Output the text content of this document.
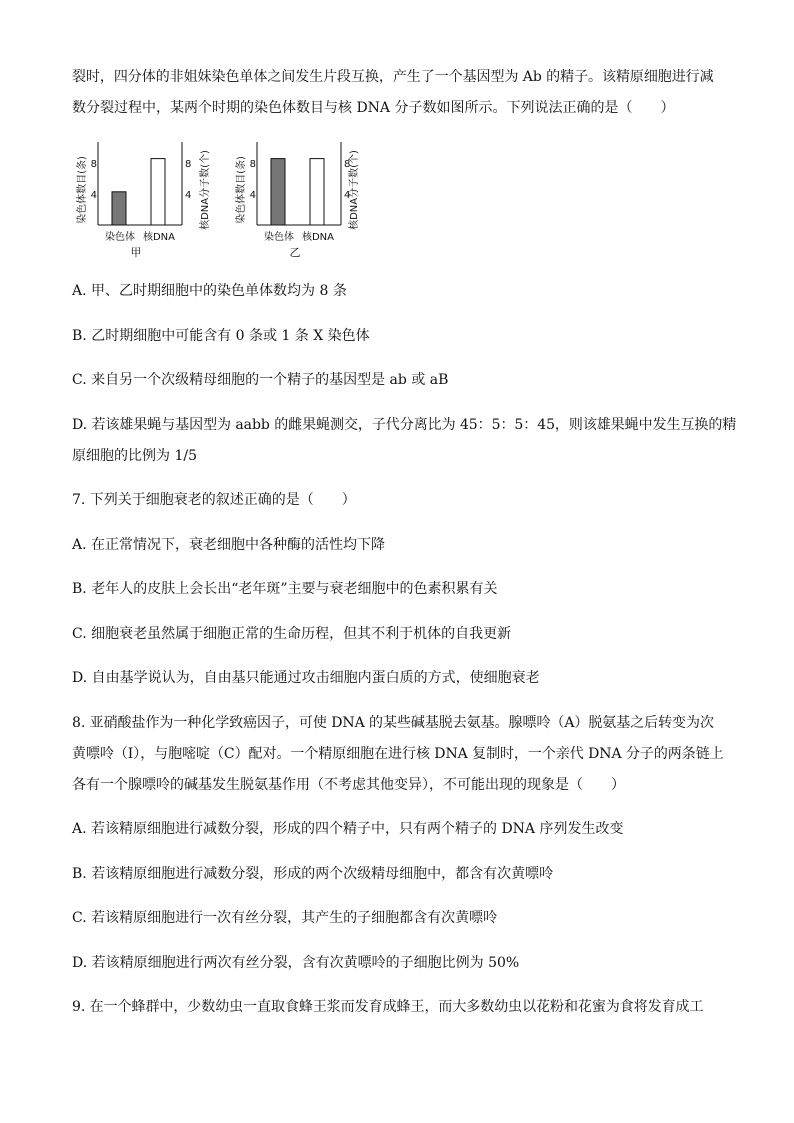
裂时，四分体的非姐妹染色单体之间发生片段互换，产生了一个基因型为 Ab 的精子。该精原细胞进行减
数分裂过程中，某两个时期的染色体数目与核 DNA 分子数如图所示。下列说法正确的是（　　）
染色体数目(条)	核DNA分子数(个)
8
4
8
4
染色体 核DNA
甲
染色体数目(条)	核DNA分子数(个)
8
4
8
4
染色体 核DNA
乙
A. 甲、乙时期细胞中的染色单体数均为 8 条
B. 乙时期细胞中可能含有 0 条或 1 条 X 染色体
C. 来自另一个次级精母细胞的一个精子的基因型是 ab 或 aB
D. 若该雄果蝇与基因型为 aabb 的雌果蝇测交，子代分离比为 45：5：5：45，则该雄果蝇中发生互换的精
原细胞的比例为 1/5
7. 下列关于细胞衰老的叙述正确的是（　　）
A. 在正常情况下，衰老细胞中各种酶的活性均下降
B. 老年人的皮肤上会长出“老年斑”主要与衰老细胞中的色素积累有关
C. 细胞衰老虽然属于细胞正常的生命历程，但其不利于机体的自我更新
D. 自由基学说认为，自由基只能通过攻击细胞内蛋白质的方式，使细胞衰老
8. 亚硝酸盐作为一种化学致癌因子，可使 DNA 的某些碱基脱去氨基。腺嘌呤（A）脱氨基之后转变为次
黄嘌呤（I），与胞嘧啶（C）配对。一个精原细胞在进行核 DNA 复制时，一个亲代 DNA 分子的两条链上
各有一个腺嘌呤的碱基发生脱氨基作用（不考虑其他变异），不可能出现的现象是（　　）
A. 若该精原细胞进行减数分裂，形成的四个精子中，只有两个精子的 DNA 序列发生改变
B. 若该精原细胞进行减数分裂，形成的两个次级精母细胞中，都含有次黄嘌呤
C. 若该精原细胞进行一次有丝分裂，其产生的子细胞都含有次黄嘌呤
D. 若该精原细胞进行两次有丝分裂，含有次黄嘌呤的子细胞比例为 50%
9. 在一个蜂群中，少数幼虫一直取食蜂王浆而发育成蜂王，而大多数幼虫以花粉和花蜜为食将发育成工
